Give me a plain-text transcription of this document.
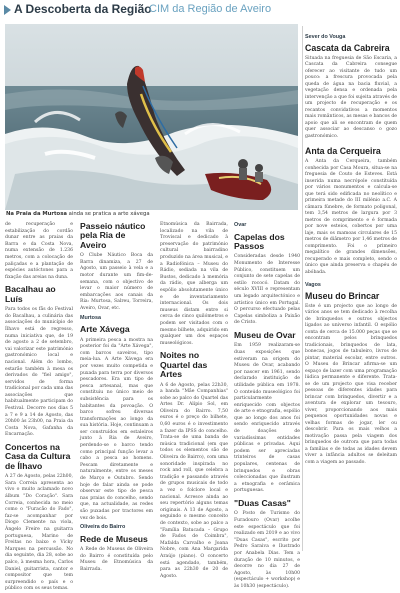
A Descoberta da Região
CIM da Região de Aveiro
Na Praia da Murtosa ainda se pratica a arte xávega

de recuperação e estabilização do cordão dunar entre as praias da Barra e da Costa Nova, numa extensão de 1.236 metros, com a colocação de paliçadas e a plantação de espécies autóctones para a fixação das areias na duna.

Bacalhau ao Luís

Para todos os fãs do Festival do Bacalhau, a culinária das associações do município de Ílhavo está de regresso, numa iniciativa que, de 19 de agosto a 2 de setembro, vai valorizar este património gastronómico local e nacional. Além do lombo, estarão também à mesa os derivados do "fiel amigo", servidos de forma tradicional por cada uma das associações que habitualmente participam do Festival. Decorre nos dias 5 a 7 e 9 a 14 de Agosto, das 20h00 às 23h00, na Praia da Costa Nova, Gafanha da Encarnação.

Concertos na Casa da Cultura de Ílhavo

A 27 de Agosto, pelas 22h00, Sara Correia apresenta ao vivo o muito aclamado novo álbum "Do Coração". Sara Correia, conhecida no meio como o "Furacão do Fado", faz-se acompanhar por Diogo Clemente na viola, Ângelo Freire na guitarra portuguesa, Marino de Freitas no baixo e Vicky Marques na percussão. No dia seguinte, dia 28, sobe ao palco, à mesma hora, Carlos Daniel, guitarrista, cantor e compositor que tem surpreendido o país e o público com os seus temas.

Passeio náutico pela Ria de Aveiro

O Clube Náutico Boca da Barra dinamiza, a 27 de Agosto, um passeio à vela e a motor durante um fim-de-semana, com o objectivo de levar o maior número de embarcações aos canais da Ria: Murtosa, Salreu, Torreira, Aveiro, Ovar, etc.

Murtosa
Arte Xávega

A primeira pesca a mostra na posterior foi da "Arte Xávega", com barcos saveiros, tipo meia-lua. A Arte Xávega era por vezes muito competida e puxada para terra por diversos pescadores. Era um tipo de pesca artesanal, mas que constituiu no único meio de subsistência para os habitantes da povoação. O barco sofreu diversas transformações ao longo da sua história. Hoje, continuam a ser construídos em estaleiros junto à Ria de Aveiro, perdendo-se o barco tendo como principal função levar a cabo a pesca ao homens. Pescam diretamente e naturalmente, entre os meses de Março e Outubro. Sendo hoje de falar ainda se pode observar este tipo de pesca nas praias do concelho, sendo que, na actualidade, as redes são puxadas por tractores em vez de bois.

Oliveira do Bairro
Rede de Museus

A Rede de Museus de Oliveira do Bairro é constituída pelo Museu de Etnomúsica da Bairrada.

Etnomúsica da Bairrada, localizado na vila de Troviscal e dedicado à preservação do património cultural bairradino produzido na área musical, e a Radiofónica – Museu do Rádio, sediada na vila de Bustos, dedicado à memória da rádio, que alberga um espólio absolutamente único e de inventariamento internacional. Os dois museus distam entre si cerca de cinco quilómetros e podem ser visitados com o mesmo bilhete, adquirido em qualquer um dos espaços museológicos.

Noites no Quartel das Artes

A 6 de Agosto, pelas 22h30, a banda "Mãe Companhias" sobe ao palco do Quartel das Artes Dr. Alípio Sol, em Oliveira do Bairro. 7,50 euros é o preço do bilhete, 0,60 euros é o investimento a fazer da IPSS do concelho. Trata-se de uma banda de música tradicional (em que todos os elementos são de Oliveira do Bairro), com uma sonoridade inspirada no rock and roll, que celebra a tradição e passando através de grupos musicais de todo a vez o folclore local e nacional. Acresce ainda ao seu repertório alguns temas originais. A 13 de Agosto, a seguindo o mesmo conceito de contexto, sobe ao palco a "Família Batucada – Grupo de Fados de Coimbra", Mafalda Carvalho e Joana Nobre, com Ana Margarida Araújo (piano). O concerto está agendado, também, para as 22h30 de 20 de Agosto.

Ovar
Capelas dos Passos

Consideradas desde 1940 Monumento de Interesse Público, constituem um conjunto de sete capelas de estilo rococó. Datam do século XVIII e representam um legado arquitectónico e artístico único em Portugal. O percurso efectuado pelas Capelas simboliza a Paixão de Cristo.

Museu de Ovar

Em 1959 realizaram-se duas exposições que estiveram na origem do Museu de Ovar, acabando por nascer em 1961, sendo declarado instituição de utilidade pública em 1978. O conteúdo museológico foi particularmente enriquecido com objectos de arte e etnografia, espólio que ao longo dos anos foi sendo enriquecido através de doações de variadíssimas entidades públicas e privadas. Aqui podem ser apreciadas trinteiros de casas populares, centenas de brinquedos e obras coleccionadas que ilustram a etnografia e cerâmica portuguesas.

"Duas Casas"

O Posto de Turismo do Furadouro (Ovar) acolhe este espectáculo que foi realizado em 2019 e ao vivo "Duas Casas", escrito por Pedro Saraiva e Ilustrado por Anabela Dias. Tem a duração de 10 minutos, e decorre no dia 27 de Agosto, às 10h00 (espectáculo + workshop) e às 10h30 (espectáculo).

Sever do Vouga
Cascata da Cabreira

Situada na freguesia de São Escaria, a Cascata da Cabreira consegue oferecer ao visitante de tudo um pouco: a frescura provocada pela queda de água na bacia fluvial, a vegetação densa e ordenada pela intervenção a que foi sujeita através de um projecto de recuperação e os recantos convidativos a momentos mais românticos, as mesas e bancos de apoio que ali se encontram de quem quer associar ao descanso o gozo gastronómico.

Anta da Cerqueira

A Anta da Cerqueira, também conhecida por Casa Moura, situa-se na freguesia de Couto de Esteves. Está inserida numa necrópole constituída por vários monumentos e calcula-se que terá sido edificada no neolítico e primeira metade do III milénio a.C. A câmara fúnebre, de formato poligonal, tem 3,54 metros de largura por 3 metros de comprimento e é formada por nove esteios, cobertos por uma laje, mais os mamoas circulares de 15 metros de diâmetro por 1,46 metros de comprimento. Foi o primeiro megalítico de grandes dimensões, recuperado e mais completo, sendo o único que ainda preserva o chapéu de abóbada.

Vagos
Museu do Brincar

Este é um projecto que ao longo de vários anos se tem dedicado à recolha de brinquedos e outros objectos ligados ao universo infantil. O espólio conta de cerca de 15.000 peças que se encontram pelos brinquedos tradicionais, brinquedos de lata, bonecas, jogos de tabuleiro, livros de pintar, material escolar, entre outros. O Museu do Brincar afirma-se um espaço de lazer com uma programação lúdica permanente e diferente. Trata-se de um projecto que visa receber pessoas de diferentes idades para brincar com brinquedos, divertir e a aventura de explorar um tesouro, viver, proporcionando aos mais pequenos oportunidades novas e velhas formas de jogar, ler ou descobrir. Para os mais velhos a motivação passa pela viagem dos brinquedos de outrora que para todas a famílias e de todas as idades devem viver a infância adultos se deleitam com a viagem ao passado.
